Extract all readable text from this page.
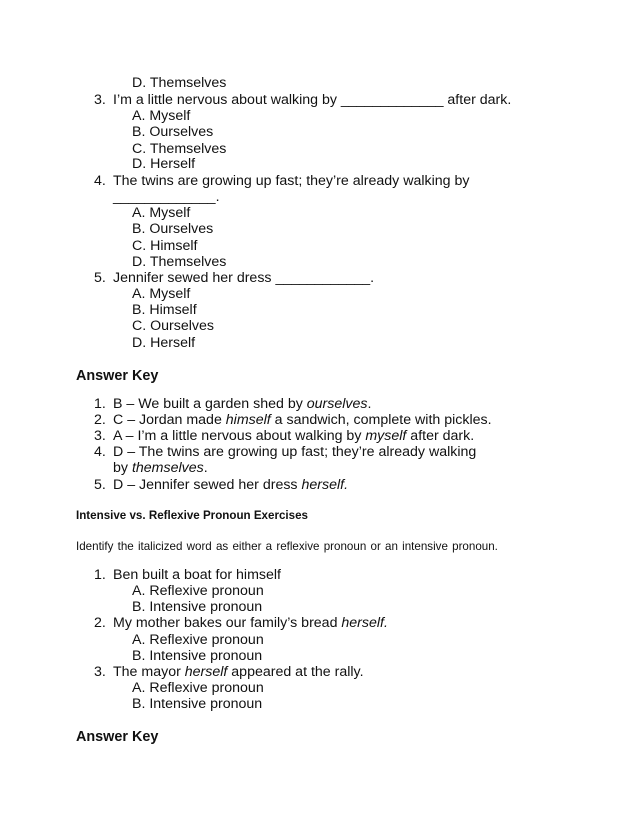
D. Themselves
3. I’m a little nervous about walking by _____________ after dark.
A. Myself
B. Ourselves
C. Themselves
D. Herself
4. The twins are growing up fast; they’re already walking by
_____________.
A. Myself
B. Ourselves
C. Himself
D. Themselves
5. Jennifer sewed her dress ____________.
A. Myself
B. Himself
C. Ourselves
D. Herself
Answer Key
1. B – We built a garden shed by ourselves.
2. C – Jordan made himself a sandwich, complete with pickles.
3. A – I’m a little nervous about walking by myself after dark.
4. D – The twins are growing up fast; they’re already walking
by themselves.
5. D – Jennifer sewed her dress herself.
Intensive vs. Reflexive Pronoun Exercises
Identify the italicized word as either a reflexive pronoun or an intensive pronoun.
1. Ben built a boat for himself
A. Reflexive pronoun
B. Intensive pronoun
2. My mother bakes our family’s bread herself.
A. Reflexive pronoun
B. Intensive pronoun
3. The mayor herself appeared at the rally.
A. Reflexive pronoun
B. Intensive pronoun
Answer Key
